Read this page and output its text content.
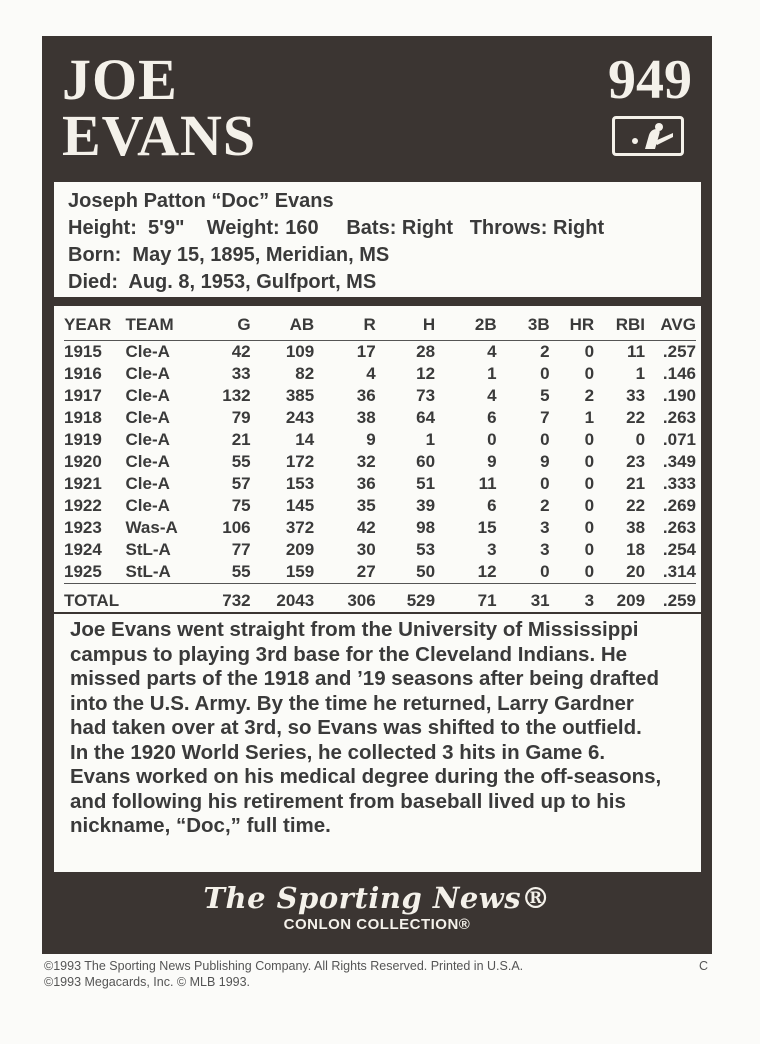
JOE
EVANS
949
Joseph Patton “Doc” Evans
Height:  5'9"    Weight: 160     Bats: Right   Throws: Right
Born:  May 15, 1895, Meridian, MS
Died:  Aug. 8, 1953, Gulfport, MS
YEAR	TEAM	G	AB	R	H	2B	3B	HR	RBI	AVG
1915	Cle-A	42	109	17	28	4	2	0	11	.257
1916	Cle-A	33	82	4	12	1	0	0	1	.146
1917	Cle-A	132	385	36	73	4	5	2	33	.190
1918	Cle-A	79	243	38	64	6	7	1	22	.263
1919	Cle-A	21	14	9	1	0	0	0	0	.071
1920	Cle-A	55	172	32	60	9	9	0	23	.349
1921	Cle-A	57	153	36	51	11	0	0	21	.333
1922	Cle-A	75	145	35	39	6	2	0	22	.269
1923	Was-A	106	372	42	98	15	3	0	38	.263
1924	StL-A	77	209	30	53	3	3	0	18	.254
1925	StL-A	55	159	27	50	12	0	0	20	.314
TOTAL		732	2043	306	529	71	31	3	209	.259
Joe Evans went straight from the University of Mississippi
campus to playing 3rd base for the Cleveland Indians. He
missed parts of the 1918 and ’19 seasons after being drafted
into the U.S. Army. By the time he returned, Larry Gardner
had taken over at 3rd, so Evans was shifted to the outfield.
In the 1920 World Series, he collected 3 hits in Game 6.
Evans worked on his medical degree during the off-seasons,
and following his retirement from baseball lived up to his
nickname, “Doc,” full time.
The Sporting News®
CONLON COLLECTION®
©1993 The Sporting News Publishing Company. All Rights Reserved. Printed in U.S.A.
©1993 Megacards, Inc. © MLB 1993.
C
